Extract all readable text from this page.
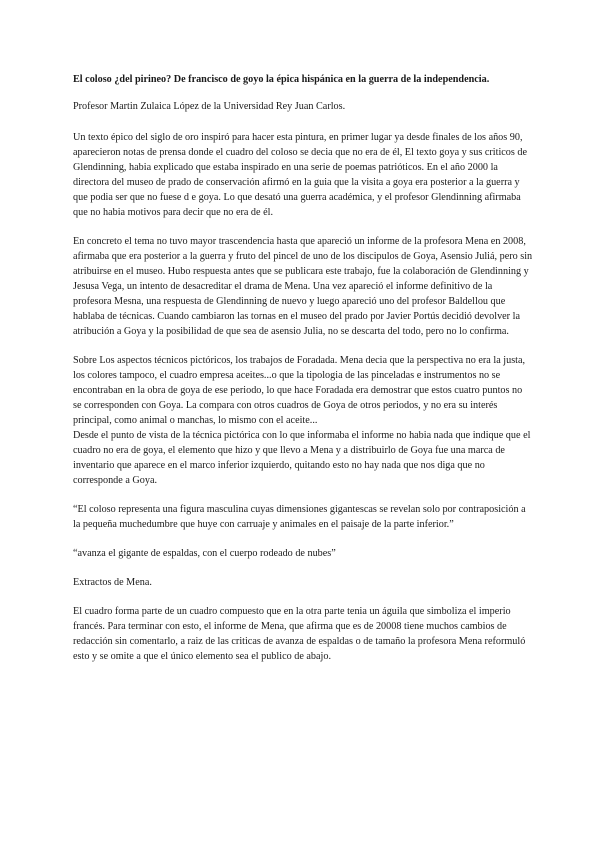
El coloso ¿del pirineo? De francisco de goyo la épica hispánica en la guerra de la independencia.

Profesor Martin Zulaica López de la Universidad Rey Juan Carlos.

Un texto épico del siglo de oro inspiró para hacer esta pintura, en primer lugar ya desde finales de los años 90, aparecieron notas de prensa donde el cuadro del coloso se decia que no era de él, El texto goya y sus criticos de Glendinning, habia explicado que estaba inspirado en una serie de poemas patrióticos. En el año 2000 la directora del museo de prado de conservación afirmó en la guia que la visita a goya era posterior a la guerra y que podia ser que no fuese d e goya. Lo que desató una guerra académica, y el profesor Glendinning afirmaba que no habia motivos para decir que no era de él.

En concreto el tema no tuvo mayor trascendencia hasta que apareció un informe de la profesora Mena en 2008, afirmaba que era posterior a la guerra y fruto del pincel de uno de los discipulos de Goya, Asensio Juliá, pero sin atribuirse en el museo. Hubo respuesta antes que se publicara este trabajo, fue la colaboración de Glendinning y Jesusa Vega, un intento de desacreditar el drama de Mena. Una vez apareció el informe definitivo de la profesora Mesna, una respuesta de Glendinning de nuevo y luego apareció uno del profesor Baldellou que hablaba de técnicas. Cuando cambiaron las tornas en el museo del prado por Javier Portús decidió devolver la atribución a Goya y la posibilidad de que sea de asensio Julia, no se descarta del todo, pero no lo confirma.

Sobre Los aspectos técnicos pictóricos, los trabajos de Foradada. Mena decia que la perspectiva no era la justa, los colores tampoco, el cuadro empresa aceites...o que la tipologia de las pinceladas e instrumentos no se encontraban en la obra de goya de ese periodo, lo que hace Foradada era demostrar que estos cuatro puntos no se corresponden con Goya. La compara con otros cuadros de Goya de otros periodos, y no era su interés principal, como animal o manchas, lo mismo con el aceite...

Desde el punto de vista de la técnica pictórica con lo que informaba el informe no habia nada que indique que el cuadro no era de goya, el elemento que hizo y que llevo a Mena y a distribuirlo de Goya fue una marca de inventario que aparece en el marco inferior izquierdo, quitando esto no hay nada que nos diga que no corresponde a Goya.

“El coloso representa una figura masculina cuyas dimensiones gigantescas se revelan solo por contraposición a la pequeña muchedumbre que huye con carruaje y animales en el paisaje de la parte inferior.”

“avanza el gigante de espaldas, con el cuerpo rodeado de nubes”

Extractos de Mena.

El cuadro forma parte de un cuadro compuesto que en la otra parte tenia un águila que simboliza el imperio francés. Para terminar con esto, el informe de Mena, que afirma que es de 20008 tiene muchos cambios de redacción sin comentarlo, a raiz de las criticas de avanza de espaldas o de tamaño la profesora Mena reformuló esto y se omite a que el único elemento sea el publico de abajo.
